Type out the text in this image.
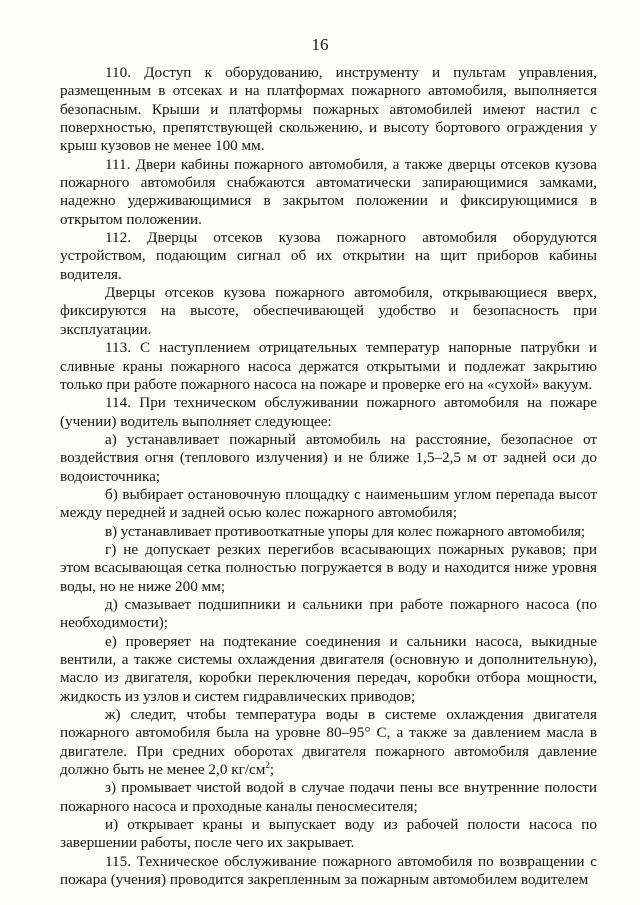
16

110. Доступ к оборудованию, инструменту и пультам управления, размещенным в отсеках и на платформах пожарного автомобиля, выполняется безопасным. Крыши и платформы пожарных автомобилей имеют настил с поверхностью, препятствующей скольжению, и высоту бортового ограждения у крыш кузовов не менее 100 мм.

111. Двери кабины пожарного автомобиля, а также дверцы отсеков кузова пожарного автомобиля снабжаются автоматически запирающимися замками, надежно удерживающимися в закрытом положении и фиксирующимися в открытом положении.

112. Дверцы отсеков кузова пожарного автомобиля оборудуются устройством, подающим сигнал об их открытии на щит приборов кабины водителя.

Дверцы отсеков кузова пожарного автомобиля, открывающиеся вверх, фиксируются на высоте, обеспечивающей удобство и безопасность при эксплуатации.

113. С наступлением отрицательных температур напорные патрубки и сливные краны пожарного насоса держатся открытыми и подлежат закрытию только при работе пожарного насоса на пожаре и проверке его на «сухой» вакуум.

114. При техническом обслуживании пожарного автомобиля на пожаре (учении) водитель выполняет следующее:

а) устанавливает пожарный автомобиль на расстояние, безопасное от воздействия огня (теплового излучения) и не ближе 1,5–2,5 м от задней оси до водоисточника;

б) выбирает остановочную площадку с наименьшим углом перепада высот между передней и задней осью колес пожарного автомобиля;

в) устанавливает противооткатные упоры для колес пожарного автомобиля;

г) не допускает резких перегибов всасывающих пожарных рукавов; при этом всасывающая сетка полностью погружается в воду и находится ниже уровня воды, но не ниже 200 мм;

д) смазывает подшипники и сальники при работе пожарного насоса (по необходимости);

е) проверяет на подтекание соединения и сальники насоса, выкидные вентили, а также системы охлаждения двигателя (основную и дополнительную), масло из двигателя, коробки переключения передач, коробки отбора мощности, жидкость из узлов и систем гидравлических приводов;

ж) следит, чтобы температура воды в системе охлаждения двигателя пожарного автомобиля была на уровне 80–95° С, а также за давлением масла в двигателе. При средних оборотах двигателя пожарного автомобиля давление должно быть не менее 2,0 $кг/см^2$;

з) промывает чистой водой в случае подачи пены все внутренние полости пожарного насоса и проходные каналы пеносмесителя;

и) открывает краны и выпускает воду из рабочей полости насоса по завершении работы, после чего их закрывает.

115. Техническое обслуживание пожарного автомобиля по возвращении с пожара (учения) проводится закрепленным за пожарным автомобилем водителем
